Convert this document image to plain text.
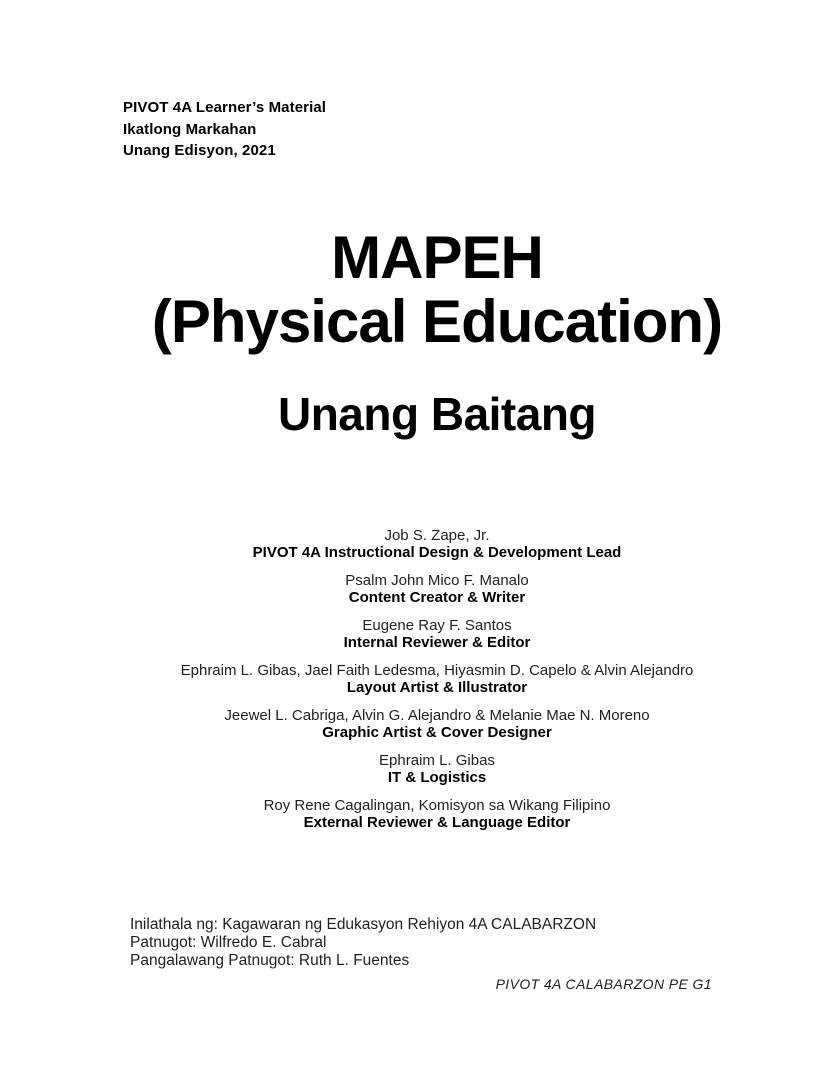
PIVOT 4A Learner’s Material
Ikatlong Markahan
Unang Edisyon, 2021
MAPEH
(Physical Education)
Unang Baitang
Job S. Zape, Jr.
PIVOT 4A Instructional Design & Development Lead
Psalm John Mico F. Manalo
Content Creator & Writer
Eugene Ray F. Santos
Internal Reviewer & Editor
Ephraim L. Gibas, Jael Faith Ledesma, Hiyasmin D. Capelo & Alvin Alejandro
Layout Artist & Illustrator
Jeewel L. Cabriga, Alvin G. Alejandro & Melanie Mae N. Moreno
Graphic Artist & Cover Designer
Ephraim L. Gibas
IT & Logistics
Roy Rene Cagalingan, Komisyon sa Wikang Filipino
External Reviewer & Language Editor
Inilathala ng: Kagawaran ng Edukasyon Rehiyon 4A CALABARZON
Patnugot: Wilfredo E. Cabral
Pangalawang Patnugot: Ruth L. Fuentes
PIVOT 4A CALABARZON PE G1
